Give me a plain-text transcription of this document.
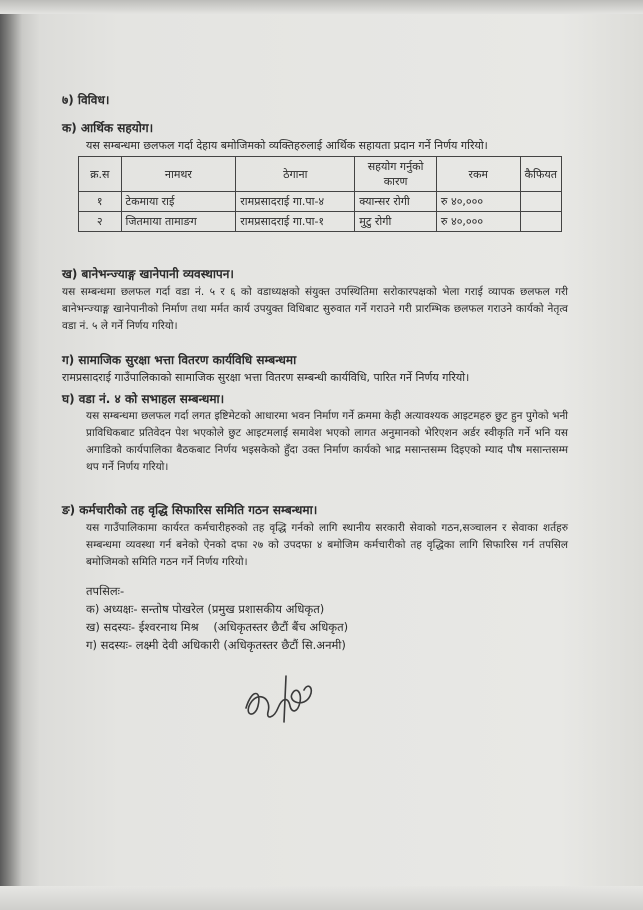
७) विविध।
क) आर्थिक सहयोग।
यस सम्बन्धमा छलफल गर्दा देहाय बमोजिमको व्यक्तिहरुलाई आर्थिक सहायता प्रदान गर्ने निर्णय गरियो।
क्र.स	नामथर	ठेगाना	सहयोग गर्नुको कारण	रकम	कैफियत
१	टेकमाया राई	रामप्रसादराई गा.पा-४	क्यान्सर रोगी	रु ४०,०००	
२	जितमाया तामाङग	रामप्रसादराई गा.पा-१	मुटु रोगी	रु ४०,०००	
ख) बानेभन्ज्याङ्ग खानेपानी व्यवस्थापन।
यस सम्बन्धमा छलफल गर्दा वडा नं. ५ र ६ को वडाध्यक्षको संयुक्त उपस्थितिमा सरोकारपक्षको भेला गराई व्यापक छलफल गरी बानेभन्ज्याङ्ग खानेपानीको निर्माण तथा मर्मत कार्य उपयुक्त विधिबाट सुरुवात गर्ने गराउने गरी प्रारम्भिक छलफल गराउने कार्यको नेतृत्व वडा नं. ५ ले गर्ने निर्णय गरियो।
ग) सामाजिक सुरक्षा भत्ता वितरण कार्यविधि सम्बन्धमा
रामप्रसादराई गाउँपालिकाको सामाजिक सुरक्षा भत्ता वितरण सम्बन्धी कार्यविधि, पारित गर्ने निर्णय गरियो।
घ) वडा नं. ४ को सभाहल सम्बन्धमा।
यस सम्बन्धमा छलफल गर्दा लगत इष्टिमेटको आधारमा भवन निर्माण गर्ने क्रममा केही अत्यावश्यक आइटमहरु छुट हुन पुगेको भनी प्राविधिकबाट प्रतिवेदन पेश भएकोले छुट आइटमलाई समावेश भएको लागत अनुमानको भेरिएशन अर्डर स्वीकृति गर्ने भनि यस अगाडिको कार्यपालिका बैठकबाट निर्णय भइसकेको हुँदा उक्त निर्माण कार्यको भाद्र मसान्तसम्म दिइएको म्याद पौष मसान्तसम्म थप गर्ने निर्णय गरियो।
ङ) कर्मचारीको तह वृद्धि सिफारिस समिति गठन सम्बन्धमा।
यस गाउँपालिकामा कार्यरत कर्मचारीहरुको तह वृद्धि गर्नको लागि स्थानीय सरकारी सेवाको गठन,सञ्चालन र सेवाका शर्तहरु सम्बन्धमा व्यवस्था गर्न बनेको ऐनको दफा २७ को उपदफा ४ बमोजिम कर्मचारीको तह वृद्धिका लागि सिफारिस गर्न तपसिल बमोजिमको समिति गठन गर्ने निर्णय गरियो।
तपसिलः-
क) अध्यक्षः- सन्तोष पोखरेल (प्रमुख प्रशासकीय अधिकृत)
ख) सदस्यः- ईश्वरनाथ मिश्र    (अधिकृतस्तर छैटौं बैंच अधिकृत)
ग) सदस्यः- लक्ष्मी देवी अधिकारी (अधिकृतस्तर छैटौं सि.अनमी)
